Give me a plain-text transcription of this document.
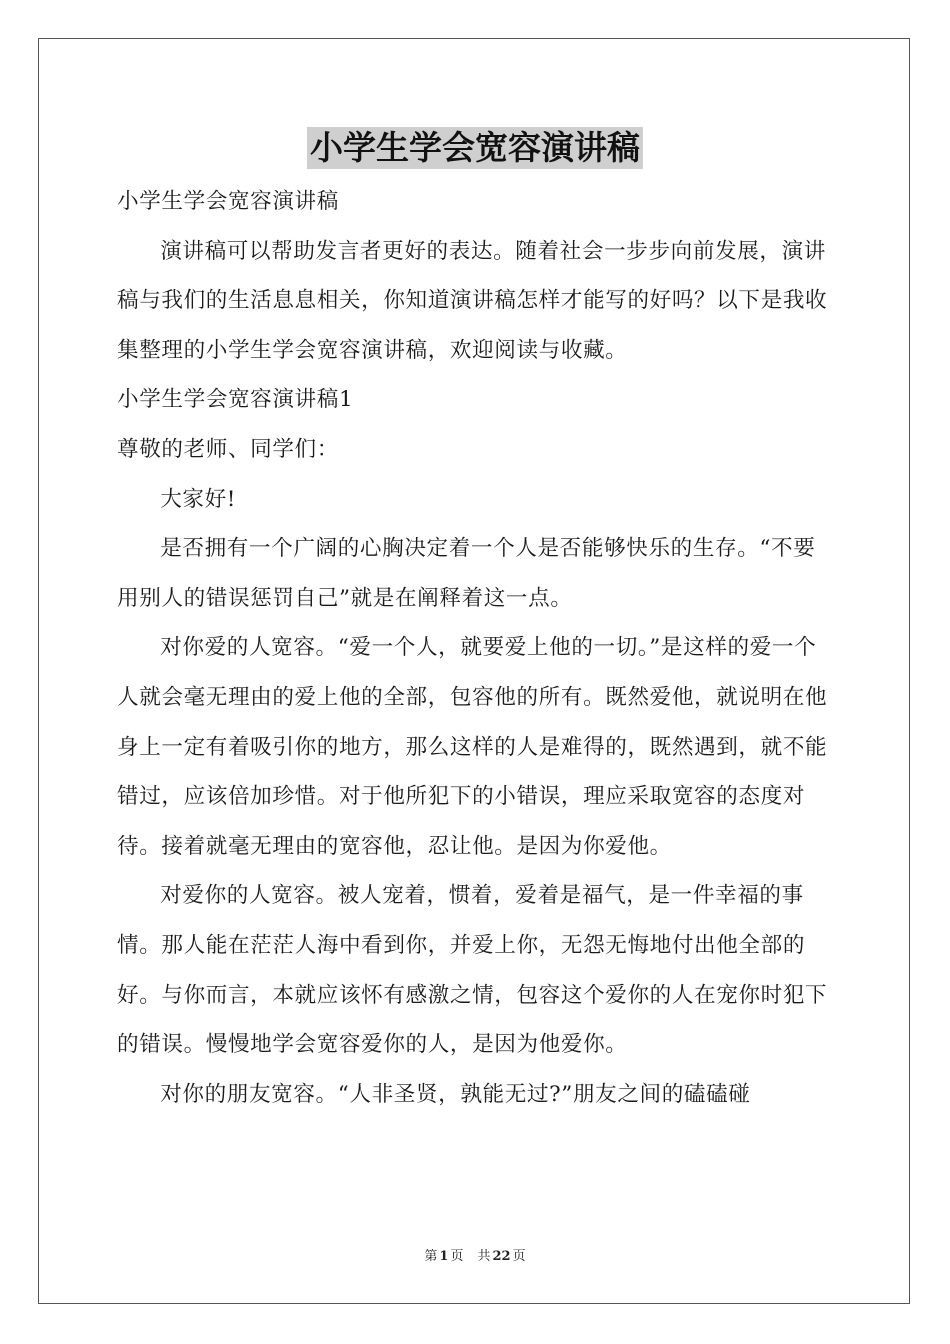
小学生学会宽容演讲稿

小学生学会宽容演讲稿

演讲稿可以帮助发言者更好的表达。随着社会一步步向前发展，演讲稿与我们的生活息息相关，你知道演讲稿怎样才能写的好吗？以下是我收集整理的小学生学会宽容演讲稿，欢迎阅读与收藏。

小学生学会宽容演讲稿1

尊敬的老师、同学们：

大家好!

是否拥有一个广阔的心胸决定着一个人是否能够快乐的生存。“不要用别人的错误惩罚自己”就是在阐释着这一点。

对你爱的人宽容。“爱一个人，就要爱上他的一切。”是这样的爱一个人就会毫无理由的爱上他的全部，包容他的所有。既然爱他，就说明在他身上一定有着吸引你的地方，那么这样的人是难得的，既然遇到，就不能错过，应该倍加珍惜。对于他所犯下的小错误，理应采取宽容的态度对待。接着就毫无理由的宽容他，忍让他。是因为你爱他。

对爱你的人宽容。被人宠着，惯着，爱着是福气，是一件幸福的事情。那人能在茫茫人海中看到你，并爱上你，无怨无悔地付出他全部的好。与你而言，本就应该怀有感激之情，包容这个爱你的人在宠你时犯下的错误。慢慢地学会宽容爱你的人，是因为他爱你。

对你的朋友宽容。“人非圣贤，孰能无过?”朋友之间的磕磕碰

第 1 页 共 22 页
